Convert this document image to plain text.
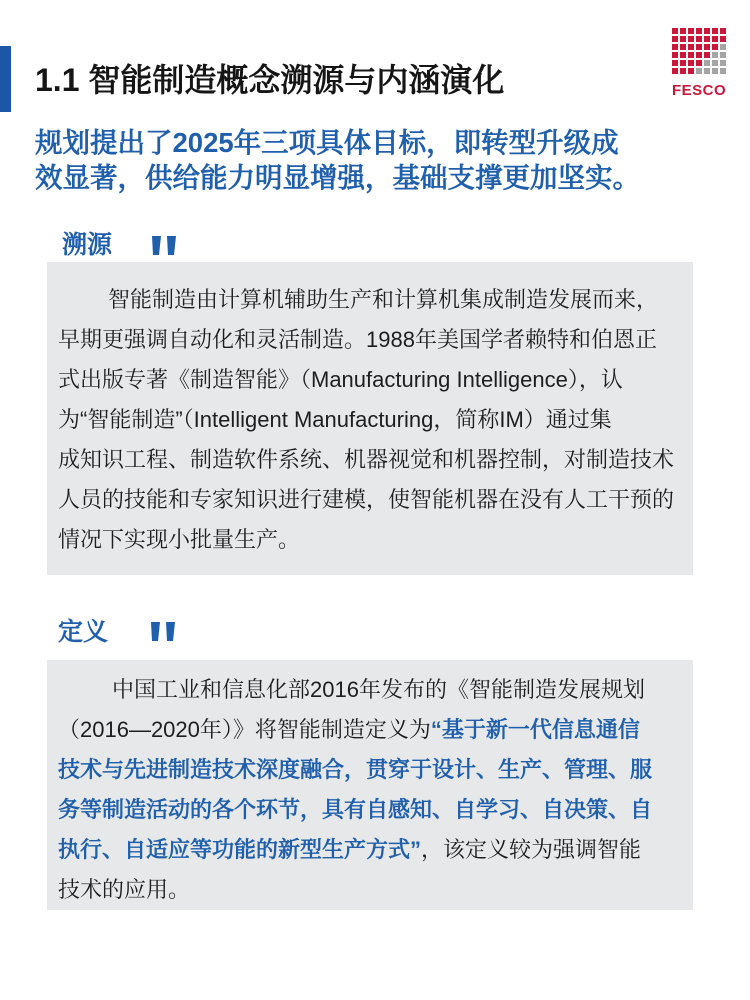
1.1 智能制造概念溯源与内涵演化	FESCO
规划提出了2025年三项具体目标，即转型升级成
效显著，供给能力明显增强，基础支撑更加坚实。
溯源
智能制造由计算机辅助生产和计算机集成制造发展而来，
早期更强调自动化和灵活制造。1988年美国学者赖特和伯恩正
式出版专著《制造智能》（Manufacturing Intelligence），认
为“智能制造”（Intelligent Manufacturing，简称IM）通过集
成知识工程、制造软件系统、机器视觉和机器控制，对制造技术
人员的技能和专家知识进行建模，使智能机器在没有人工干预的
情况下实现小批量生产。
定义
中国工业和信息化部2016年发布的《智能制造发展规划
（2016—2020年）》将智能制造定义为“基于新一代信息通信
技术与先进制造技术深度融合，贯穿于设计、生产、管理、服
务等制造活动的各个环节，具有自感知、自学习、自决策、自
执行、自适应等功能的新型生产方式”，该定义较为强调智能
技术的应用。
